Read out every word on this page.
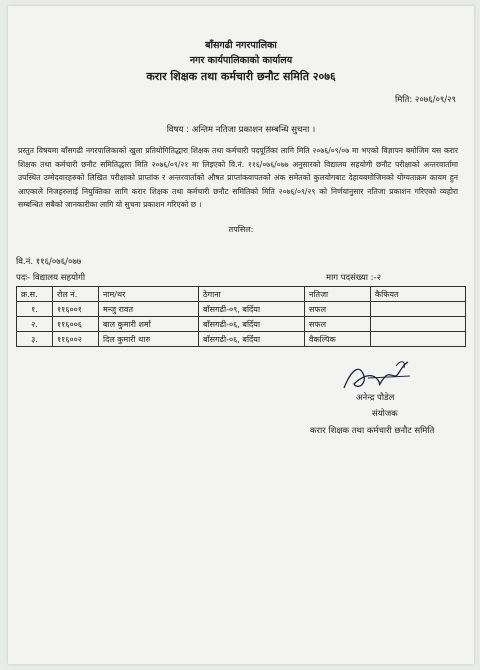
बाँसगढी नगरपालिका
नगर कार्यपालिकाको कार्यालय
करार शिक्षक तथा कर्मचारी छनौट समिति २०७६
मिति: २०७६/०९/२९
विषय : अन्तिम नतिजा प्रकाशन सम्बन्धि सुचना ।
प्रस्तुत विषयमा बाँसगढी नगरपालिकाको खुला प्रतियोगितिद्धारा शिक्षक तथा कर्मचारी पदपूर्तिका लागि मिति २०७६/०९/०७ मा भएको विज्ञापन बमोजिम यस करार शिक्षक तथा कर्मचारी छनौट समितिद्धारा मिति २०७६/०९/२१ मा लिइएको वि.नं. ११६/०७६/०७७ अनुसारको विद्यालय सहयोगी छनौट परीक्षाको अन्तरवार्तामा उपस्थित उम्मेदवारहरुको लिखित परीक्षाको प्राप्तांक र अन्तरवार्ताको औषत प्राप्तांकवापतको अंक समेतको कुलयोगबाट देहायबमोजिमको योग्यताक्रम कायम हुन आएकाले निजहरुलाई नियुक्तिका लागि करार शिक्षक तथा कर्मचारी छनौट समितिको मिति २०७६/०९/२९ को निर्णयानुसार नतिजा प्रकाशन गरिएको व्यहोरा सम्बन्धित सबैको जानकारीका लागि यो सुचना प्रकाशन गरिएको छ ।
तपसिल:
वि.नं. ११६/०७६/०७७
पदः- विद्यालय सहयोगी	माग पदसंख्या :-२
क्र.स.	रोल नं.	नाम/थर	ठेगाना	नतिजा	कैफियत
१.	११६००१	मन्जु रावत	बाँसगढी-०९, बर्दिया	सफल	
२.	११६००६	बाल कुमारी शर्मा	बाँसगढी-०६, बर्दिया	सफल	
३.	११६००२	दिल कुमारी थारु	बाँसगढी-०६, बर्दिया	वैकल्पिक	
अनेन्द्र पौडेल
संयोजक
करार शिक्षक तथा कर्मचारी छनौट समिति
